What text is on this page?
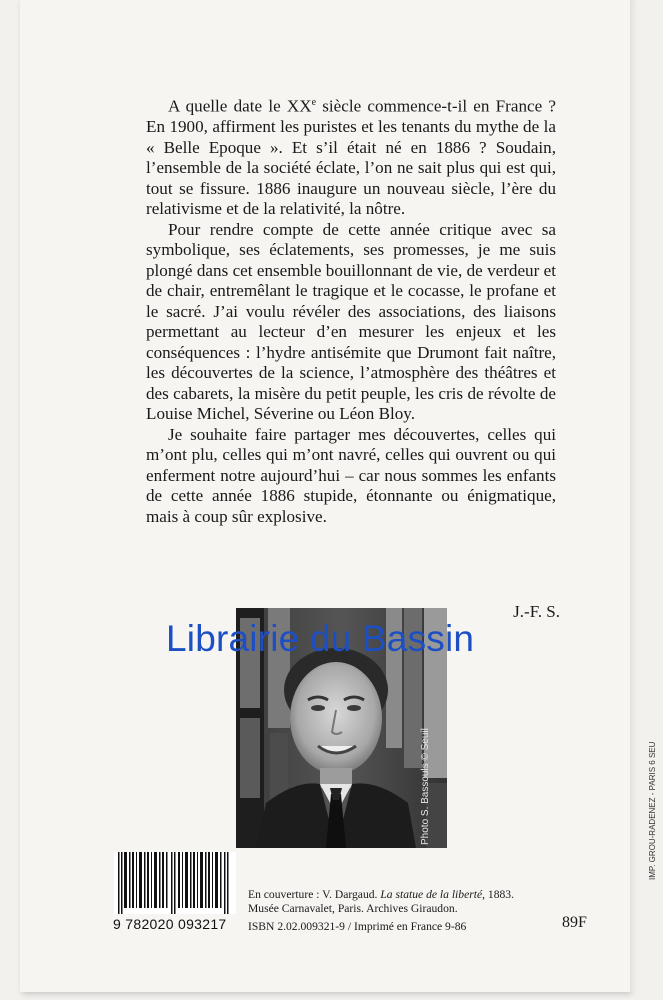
A quelle date le XXe siècle commence-t-il en France ? En 1900, affirment les puristes et les tenants du mythe de la « Belle Epoque ». Et s’il était né en 1886 ? Soudain, l’ensemble de la société éclate, l’on ne sait plus qui est qui, tout se fissure. 1886 inaugure un nouveau siècle, l’ère du relativisme et de la relativité, la nôtre.

Pour rendre compte de cette année critique avec sa symbolique, ses éclatements, ses promesses, je me suis plongé dans cet ensemble bouillonnant de vie, de verdeur et de chair, entremêlant le tragique et le cocasse, le profane et le sacré. J’ai voulu révéler des associations, des liaisons permettant au lecteur d’en mesurer les enjeux et les conséquences : l’hydre antisémite que Drumont fait naître, les découvertes de la science, l’atmosphère des théâtres et des cabarets, la misère du petit peuple, les cris de révolte de Louise Michel, Séverine ou Léon Bloy.

Je souhaite faire partager mes découvertes, celles qui m’ont plu, celles qui m’ont navré, celles qui ouvrent ou qui enferment notre aujourd’hui – car nous sommes les enfants de cette année 1886 stupide, étonnante ou énigmatique, mais à coup sûr explosive.

J.-F. S.
Photo S. Bassouls © Seuil
Librairie du Bassin
9 782020 093217
En couverture : V. Dargaud. La statue de la liberté, 1883.
Musée Carnavalet, Paris. Archives Giraudon.
ISBN 2.02.009321-9 / Imprimé en France 9-86	89F
IMP. GROU-RADENEZ - PARIS 6 SEU
